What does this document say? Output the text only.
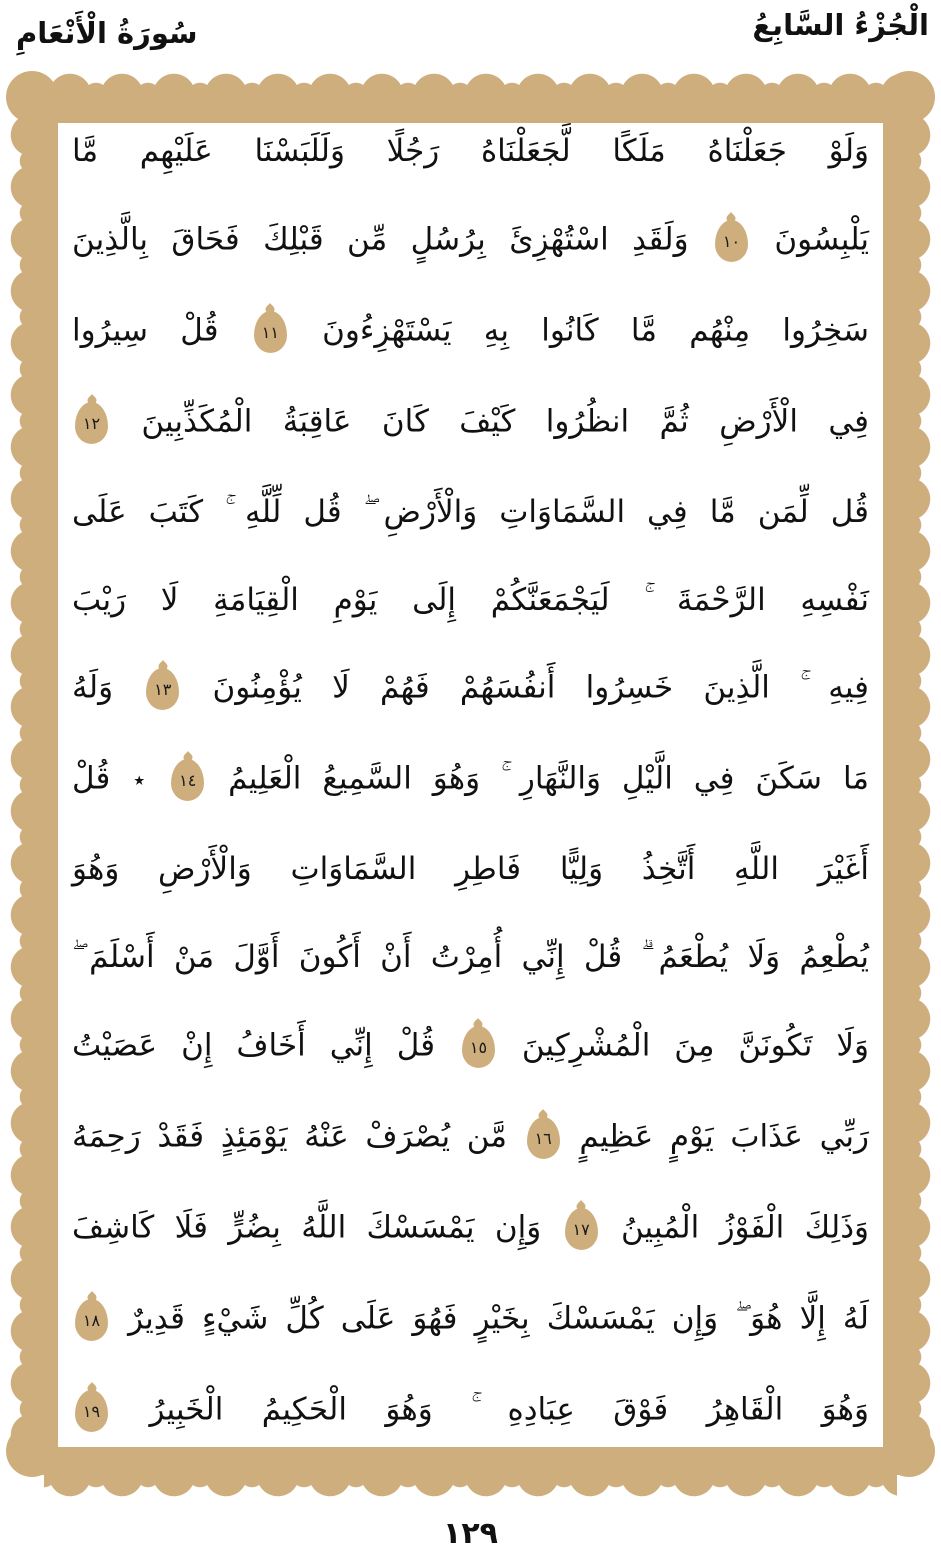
الْجُزْءُ السَّابِعُ
سُورَةُ الْأَنْعَامِ
وَلَوْ جَعَلْنَاهُ مَلَكًا لَّجَعَلْنَاهُ رَجُلًا وَلَلَبَسْنَا عَلَيْهِم مَّا
يَلْبِسُونَ ١٠ وَلَقَدِ اسْتُهْزِئَ بِرُسُلٍ مِّن قَبْلِكَ فَحَاقَ بِالَّذِينَ
سَخِرُوا مِنْهُم مَّا كَانُوا بِهِ يَسْتَهْزِءُونَ ١١ قُلْ سِيرُوا
فِي الْأَرْضِ ثُمَّ انظُرُوا كَيْفَ كَانَ عَاقِبَةُ الْمُكَذِّبِينَ ١٢
قُل لِّمَن مَّا فِي السَّمَاوَاتِ وَالْأَرْضِ ۖ قُل لِّلَّهِ ۚ كَتَبَ عَلَى
نَفْسِهِ الرَّحْمَةَ ۚ لَيَجْمَعَنَّكُمْ إِلَى يَوْمِ الْقِيَامَةِ لَا رَيْبَ
فِيهِ ۚ الَّذِينَ خَسِرُوا أَنفُسَهُمْ فَهُمْ لَا يُؤْمِنُونَ ١٣ وَلَهُ
مَا سَكَنَ فِي الَّيْلِ وَالنَّهَارِ ۚ وَهُوَ السَّمِيعُ الْعَلِيمُ ١٤ ٭ قُلْ
أَغَيْرَ اللَّهِ أَتَّخِذُ وَلِيًّا فَاطِرِ السَّمَاوَاتِ وَالْأَرْضِ وَهُوَ
يُطْعِمُ وَلَا يُطْعَمُ ۗ قُلْ إِنِّي أُمِرْتُ أَنْ أَكُونَ أَوَّلَ مَنْ أَسْلَمَ ۖ
وَلَا تَكُونَنَّ مِنَ الْمُشْرِكِينَ ١٥ قُلْ إِنِّي أَخَافُ إِنْ عَصَيْتُ
رَبِّي عَذَابَ يَوْمٍ عَظِيمٍ ١٦ مَّن يُصْرَفْ عَنْهُ يَوْمَئِذٍ فَقَدْ رَحِمَهُ
وَذَلِكَ الْفَوْزُ الْمُبِينُ ١٧ وَإِن يَمْسَسْكَ اللَّهُ بِضُرٍّ فَلَا كَاشِفَ
لَهُ إِلَّا هُوَ ۖ وَإِن يَمْسَسْكَ بِخَيْرٍ فَهُوَ عَلَى كُلِّ شَيْءٍ قَدِيرٌ ١٨
وَهُوَ الْقَاهِرُ فَوْقَ عِبَادِهِ ۚ وَهُوَ الْحَكِيمُ الْخَبِيرُ ١٩
١٢٩
